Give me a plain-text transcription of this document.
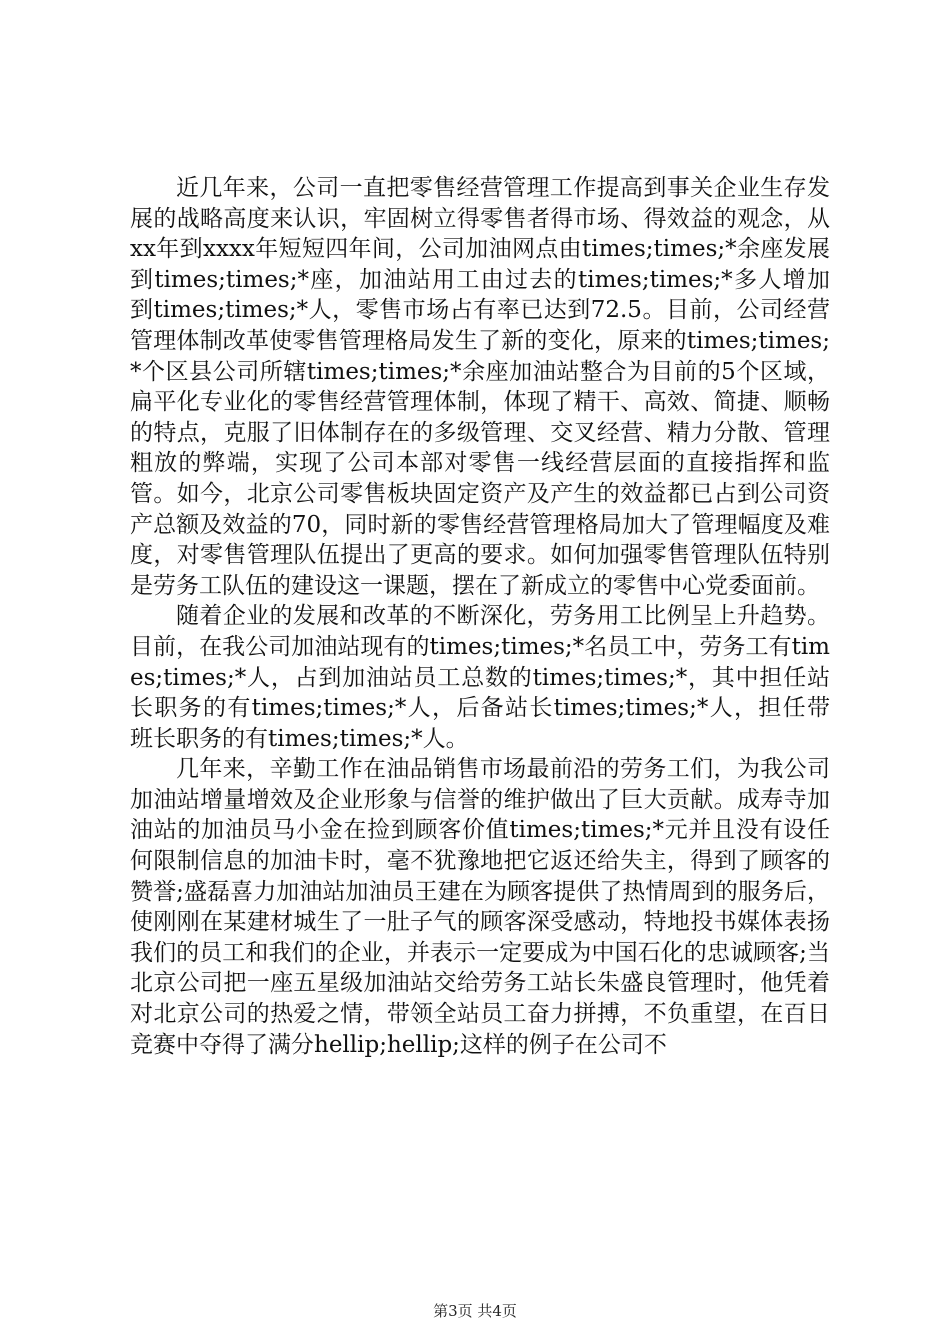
近几年来，公司一直把零售经营管理工作提高到事关企业生存发展的战略高度来认识，牢固树立得零售者得市场、得效益的观念，从xx年到xxxx年短短四年间，公司加油网点由times;times;*余座发展到times;times;*座，加油站用工由过去的times;times;*多人增加到times;times;*人，零售市场占有率已达到72.5。目前，公司经营管理体制改革使零售管理格局发生了新的变化，原来的times;times;*个区县公司所辖times;times;*余座加油站整合为目前的5个区域，扁平化专业化的零售经营管理体制，体现了精干、高效、简捷、顺畅的特点，克服了旧体制存在的多级管理、交叉经营、精力分散、管理粗放的弊端，实现了公司本部对零售一线经营层面的直接指挥和监管。如今，北京公司零售板块固定资产及产生的效益都已占到公司资产总额及效益的70，同时新的零售经营管理格局加大了管理幅度及难度，对零售管理队伍提出了更高的要求。如何加强零售管理队伍特别是劳务工队伍的建设这一课题，摆在了新成立的零售中心党委面前。

随着企业的发展和改革的不断深化，劳务用工比例呈上升趋势。目前，在我公司加油站现有的times;times;*名员工中，劳务工有times;times;*人，占到加油站员工总数的times;times;*，其中担任站长职务的有times;times;*人，后备站长times;times;*人，担任带班长职务的有times;times;*人。

几年来，辛勤工作在油品销售市场最前沿的劳务工们，为我公司加油站增量增效及企业形象与信誉的维护做出了巨大贡献。成寿寺加油站的加油员马小金在捡到顾客价值times;times;*元并且没有设任何限制信息的加油卡时，毫不犹豫地把它返还给失主，得到了顾客的赞誉;盛磊喜力加油站加油员王建在为顾客提供了热情周到的服务后，使刚刚在某建材城生了一肚子气的顾客深受感动，特地投书媒体表扬我们的员工和我们的企业，并表示一定要成为中国石化的忠诚顾客;当北京公司把一座五星级加油站交给劳务工站长朱盛良管理时，他凭着对北京公司的热爱之情，带领全站员工奋力拼搏，不负重望，在百日竞赛中夺得了满分hellip;hellip;这样的例子在公司不

第3页 共4页
